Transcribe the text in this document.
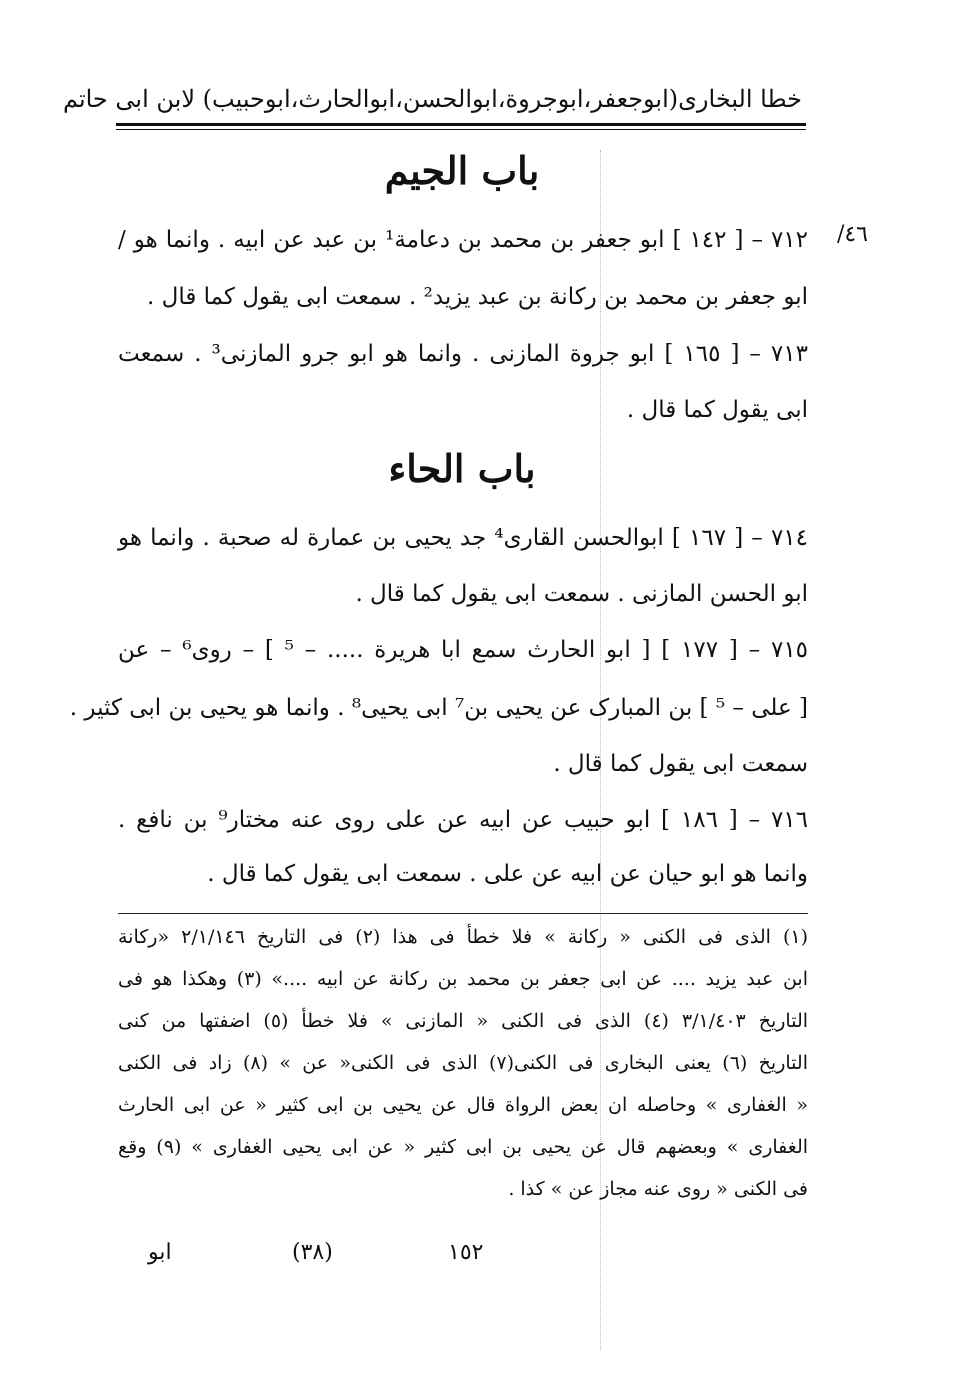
خطا البخاری(ابوجعفر،ابوجروة،ابوالحسن،ابوالحارث،ابوحبیب) لابن ابی حاتم
باب الجیم
٤٦/
٧١٢ – [ ١٤٢ ] ابو جعفر بن محمد بن دعامة¹ بن عبد عن ابیه . وانما هو /
ابو جعفر بن محمد بن رکانة بن عبد یزید² . سمعت ابی یقول کما قال .
٧١٣ – [ ١٦٥ ] ابو جروة المازنی . وانما هو ابو جرو المازنی³ . سمعت
ابی یقول کما قال .
باب الحاء
٧١٤ – [ ١٦٧ ] ابوالحسن القاری⁴ جد یحیی بن عمارة له صحبة . وانما هو
ابو الحسن المازنی . سمعت ابی یقول کما قال .
٧١٥ – [ ١٧٧ ] [ ابو الحارث سمع ابا هریرة ..... – ⁵ ] – روی⁶ – عن
[ علی – ⁵ ] بن المبارک عن یحیی بن⁷ ابی یحیی⁸ . وانما هو یحیی بن ابی کثیر .
سمعت ابی یقول کما قال .
٧١٦ – [ ١٨٦ ] ابو حبیب عن ابیه عن علی روی عنه مختار⁹ بن نافع .
وانما هو ابو حیان عن ابیه عن علی . سمعت ابی یقول کما قال .
(١) الذی فی الکنی « رکانة » فلا خطأ فی هذا (٢) فی التاریخ ٢/١/١٤٦ «رکانة
ابن عبد یزید .... عن ابی جعفر بن محمد بن رکانة عن ابیه ....» (٣) وهکذا هو فی
التاریخ ٣/١/٤٠٣ (٤) الذی فی الکنی « المازنی » فلا خطأ (٥) اضفتها من کنی
التاریخ (٦) یعنی البخاری فی الکنی(٧) الذی فی الکنی« عن » (٨) زاد فی الکنی
« الغفاری » وحاصله ان بعض الرواة قال عن یحیی بن ابی کثیر « عن ابی الحارث
الغفاری » وبعضهم قال عن یحیی بن ابی کثیر « عن ابی یحیی الغفاری » (٩) وقع
فی الکنی « روی عنه مجاز عن » کذا .
ابو	(٣٨)	١٥٢
